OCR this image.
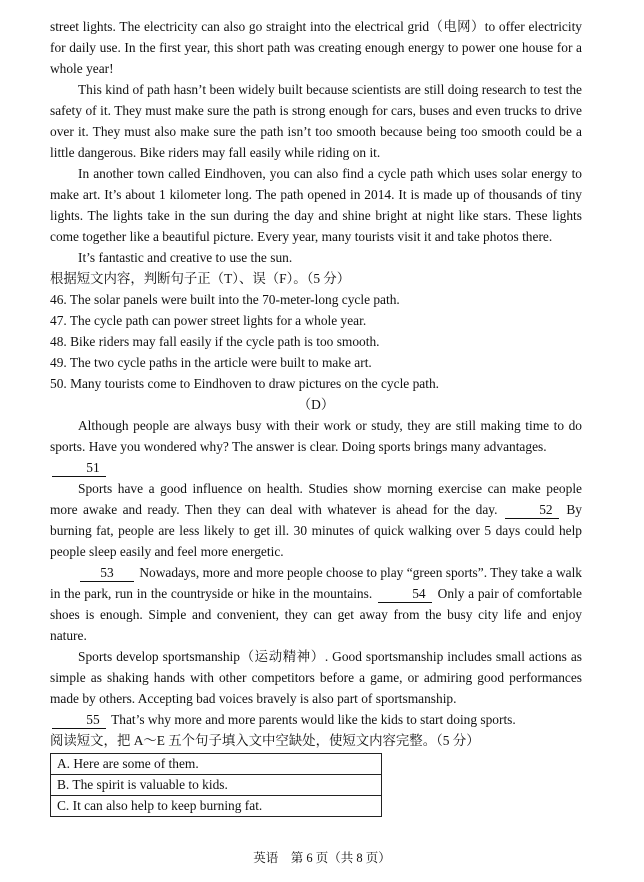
street lights. The electricity can also go straight into the electrical grid（电网）to offer electricity for daily use. In the first year, this short path was creating enough energy to power one house for a whole year!

This kind of path hasn’t been widely built because scientists are still doing research to test the safety of it. They must make sure the path is strong enough for cars, buses and even trucks to drive over it. They must also make sure the path isn’t too smooth because being too smooth could be a little dangerous. Bike riders may fall easily while riding on it.

In another town called Eindhoven, you can also find a cycle path which uses solar energy to make art. It’s about 1 kilometer long. The path opened in 2014. It is made up of thousands of tiny lights. The lights take in the sun during the day and shine bright at night like stars. These lights come together like a beautiful picture. Every year, many tourists visit it and take photos there.

It’s fantastic and creative to use the sun.

根据短文内容，判断句子正（T）、误（F）。（5 分）
46. The solar panels were built into the 70-meter-long cycle path.
47. The cycle path can power street lights for a whole year.
48. Bike riders may fall easily if the cycle path is too smooth.
49. The two cycle paths in the article were built to make art.
50. Many tourists come to Eindhoven to draw pictures on the cycle path.
（D）

Although people are always busy with their work or study, they are still making time to do sports. Have you wondered why? The answer is clear. Doing sports brings many advantages.
51

Sports have a good influence on health. Studies show morning exercise can make people more awake and ready. Then they can deal with whatever is ahead for the day.	52 By burning fat, people are less likely to get ill. 30 minutes of quick walking over 5 days could help people sleep easily and feel more energetic.

53 Nowadays, more and more people choose to play “green sports”. They take a walk in the park, run in the countryside or hike in the mountains.	54 Only a pair of comfortable shoes is enough. Simple and convenient, they can get away from the busy city life and enjoy nature.

Sports develop sportsmanship（运动精神）. Good sportsmanship includes small actions as simple as shaking hands with other competitors before a game, or admiring good performances made by others. Accepting bad voices bravely is also part of sportsmanship.
55 That’s why more and more parents would like the kids to start doing sports.

阅读短文，把 A～E 五个句子填入文中空缺处，使短文内容完整。（5 分）
A. Here are some of them.
B. The spirit is valuable to kids.
C. It can also help to keep burning fat.
英语　第 6 页（共 8 页）
